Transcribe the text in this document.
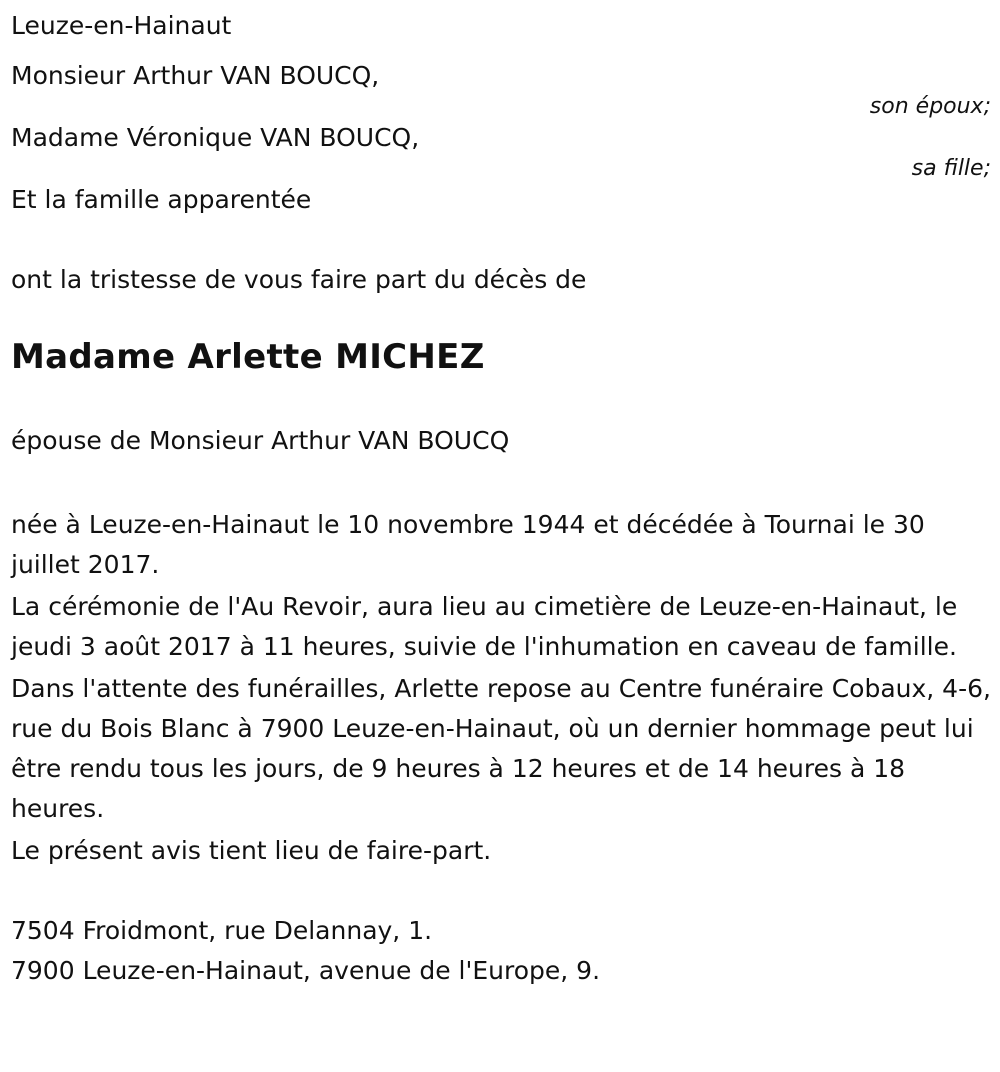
Leuze-en-Hainaut
Monsieur Arthur VAN BOUCQ,
son époux;
Madame Véronique VAN BOUCQ,
sa fille;
Et la famille apparentée
ont la tristesse de vous faire part du décès de
Madame Arlette MICHEZ
épouse de Monsieur Arthur VAN BOUCQ

née à Leuze-en-Hainaut le 10 novembre 1944 et décédée à Tournai le 30 juillet 2017.

La cérémonie de l'Au Revoir, aura lieu au cimetière de Leuze-en-Hainaut, le jeudi 3 août 2017 à 11 heures, suivie de l'inhumation en caveau de famille.

Dans l'attente des funérailles, Arlette repose au Centre funéraire Cobaux, 4-6, rue du Bois Blanc à 7900 Leuze-en-Hainaut, où un dernier hommage peut lui être rendu tous les jours, de 9 heures à 12 heures et de 14 heures à 18 heures.

Le présent avis tient lieu de faire-part.

7504 Froidmont, rue Delannay, 1.
7900 Leuze-en-Hainaut, avenue de l'Europe, 9.
